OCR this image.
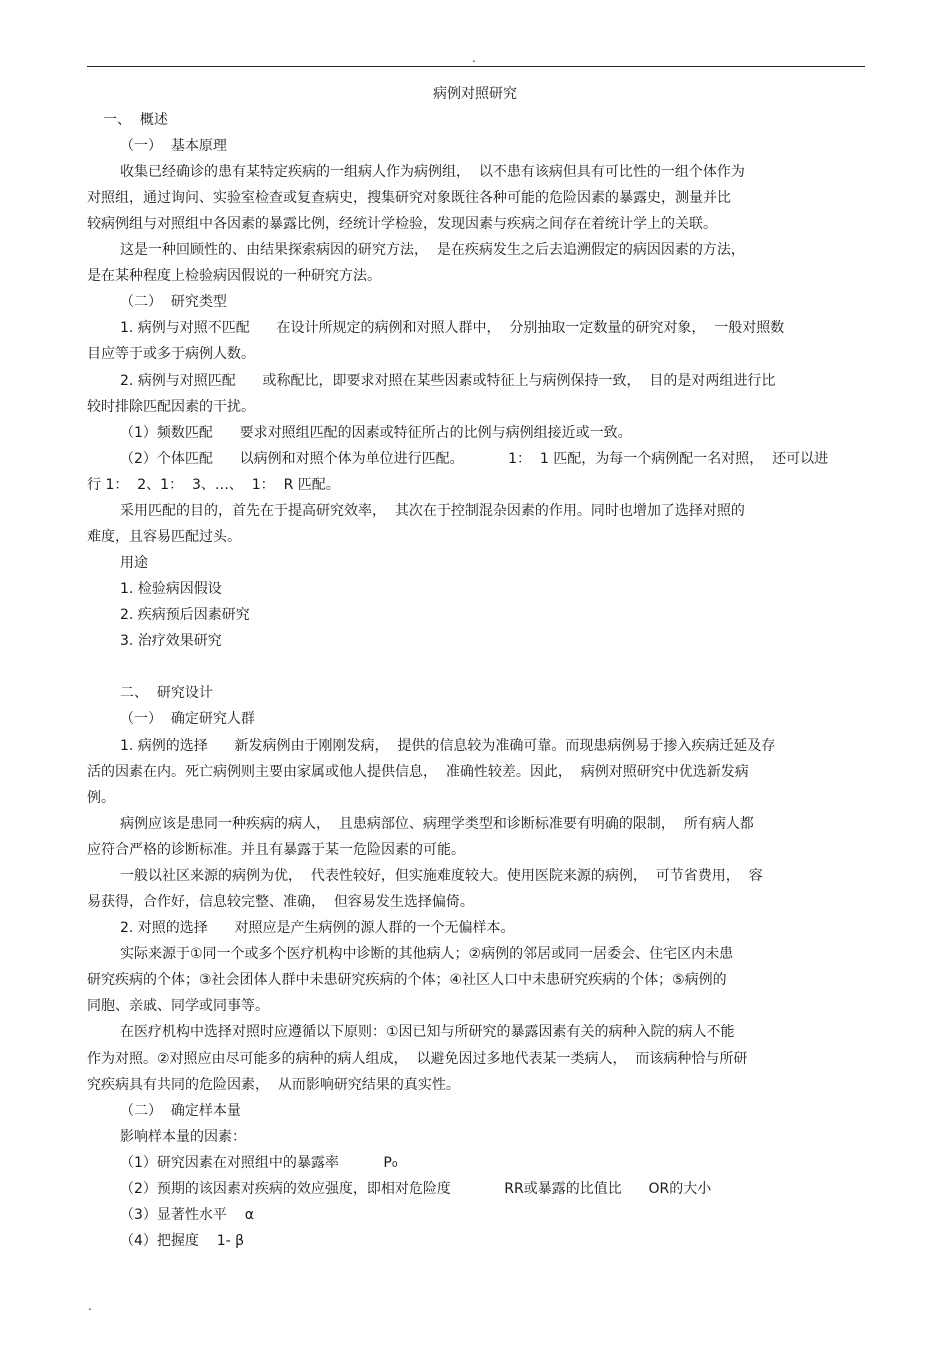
.
病例对照研究
一、  概述
（一）  基本原理
收集已经确诊的患有某特定疾病的一组病人作为病例组，  以不患有该病但具有可比性的一组个体作为
对照组，通过询问、实验室检查或复查病史，搜集研究对象既往各种可能的危险因素的暴露史，测量并比
较病例组与对照组中各因素的暴露比例，经统计学检验，发现因素与疾病之间存在着统计学上的关联。
这是一种回顾性的、由结果探索病因的研究方法，  是在疾病发生之后去追溯假定的病因因素的方法，
是在某种程度上检验病因假说的一种研究方法。
（二）  研究类型
1. 病例与对照不匹配      在设计所规定的病例和对照人群中，  分别抽取一定数量的研究对象，  一般对照数
目应等于或多于病例人数。
2. 病例与对照匹配      或称配比，即要求对照在某些因素或特征上与病例保持一致，  目的是对两组进行比
较时排除匹配因素的干扰。
（1）频数匹配      要求对照组匹配的因素或特征所占的比例与病例组接近或一致。
（2）个体匹配      以病例和对照个体为单位进行匹配。          1：  1 匹配，为每一个病例配一名对照，  还可以进
行 1：  2、1：  3、…、  1：  R 匹配。
采用匹配的目的，首先在于提高研究效率，  其次在于控制混杂因素的作用。同时也增加了选择对照的
难度，且容易匹配过头。
用途
1. 检验病因假设
2. 疾病预后因素研究
3. 治疗效果研究
二、  研究设计
（一）  确定研究人群
1. 病例的选择      新发病例由于刚刚发病，  提供的信息较为准确可靠。而现患病例易于掺入疾病迁延及存
活的因素在内。死亡病例则主要由家属或他人提供信息，  准确性较差。因此，  病例对照研究中优选新发病
例。
病例应该是患同一种疾病的病人，  且患病部位、病理学类型和诊断标准要有明确的限制，  所有病人都
应符合严格的诊断标准。并且有暴露于某一危险因素的可能。
一般以社区来源的病例为优，  代表性较好，但实施难度较大。使用医院来源的病例，  可节省费用，  容
易获得，合作好，信息较完整、准确，  但容易发生选择偏倚。
2. 对照的选择      对照应是产生病例的源人群的一个无偏样本。
实际来源于①同一个或多个医疗机构中诊断的其他病人；②病例的邻居或同一居委会、住宅区内未患
研究疾病的个体；③社会团体人群中未患研究疾病的个体；④社区人口中未患研究疾病的个体；⑤病例的
同胞、亲戚、同学或同事等。
在医疗机构中选择对照时应遵循以下原则：①因已知与所研究的暴露因素有关的病种入院的病人不能
作为对照。②对照应由尽可能多的病种的病人组成，  以避免因过多地代表某一类病人，  而该病种恰与所研
究疾病具有共同的危险因素，  从而影响研究结果的真实性。
（二）  确定样本量
影响样本量的因素：
（1）研究因素在对照组中的暴露率          P₀
（2）预期的该因素对疾病的效应强度，即相对危险度            RR或暴露的比值比      OR的大小
（3）显著性水平    α
（4）把握度    1- β
.
